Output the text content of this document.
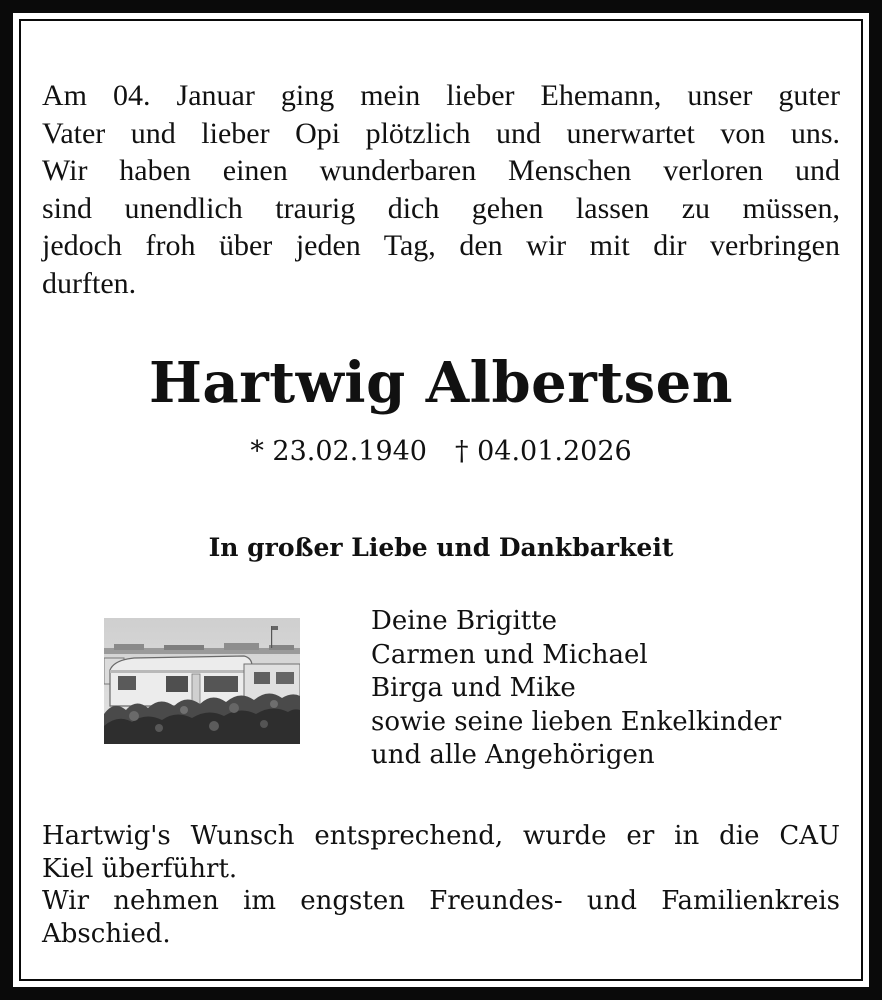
Am 04. Januar ging mein lieber Ehemann, unser guter
Vater und lieber Opi plötzlich und unerwartet von uns.
Wir haben einen wunderbaren Menschen verloren und
sind unendlich traurig dich gehen lassen zu müssen,
jedoch froh über jeden Tag, den wir mit dir verbringen
durften.

Hartwig Albertsen

* 23.02.1940 † 04.01.2026

In großer Liebe und Dankbarkeit

Deine Brigitte
Carmen und Michael
Birga und Mike
sowie seine lieben Enkelkinder
und alle Angehörigen

Hartwig's Wunsch entsprechend, wurde er in die CAU
Kiel überführt.
Wir nehmen im engsten Freundes- und Familienkreis
Abschied.
